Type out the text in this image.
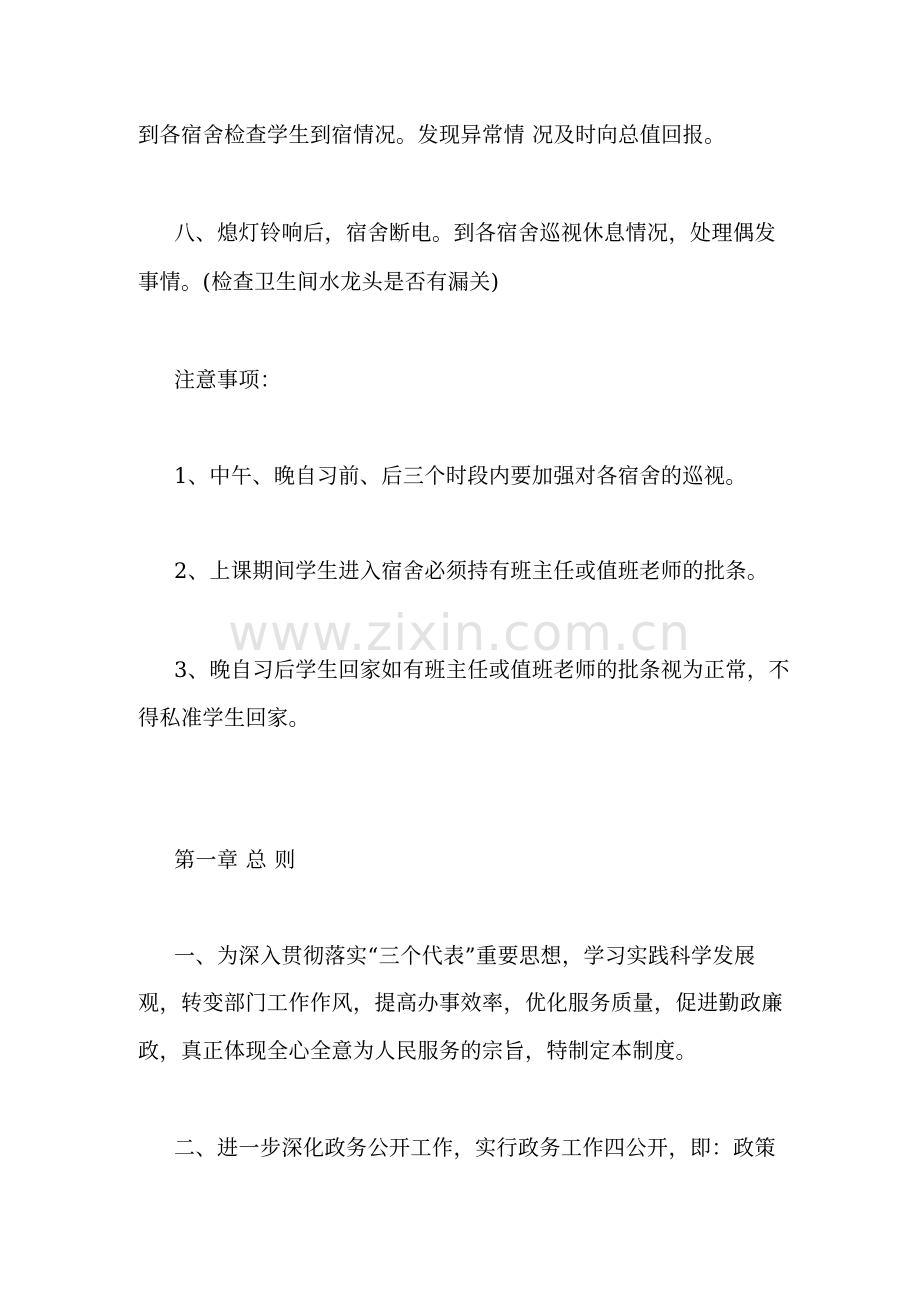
到各宿舍检查学生到宿情况。发现异常情 况及时向总值回报。
八、熄灯铃响后，宿舍断电。到各宿舍巡视休息情况，处理偶发
事情。(检查卫生间水龙头是否有漏关)
注意事项：
1、中午、晚自习前、后三个时段内要加强对各宿舍的巡视。
2、上课期间学生进入宿舍必须持有班主任或值班老师的批条。
www.zixin.com.cn
3、晚自习后学生回家如有班主任或值班老师的批条视为正常，不
得私准学生回家。
第一章 总 则
一、为深入贯彻落实“三个代表”重要思想，学习实践科学发展
观，转变部门工作作风，提高办事效率，优化服务质量，促进勤政廉
政，真正体现全心全意为人民服务的宗旨，特制定本制度。
二、进一步深化政务公开工作，实行政务工作四公开，即：政策
